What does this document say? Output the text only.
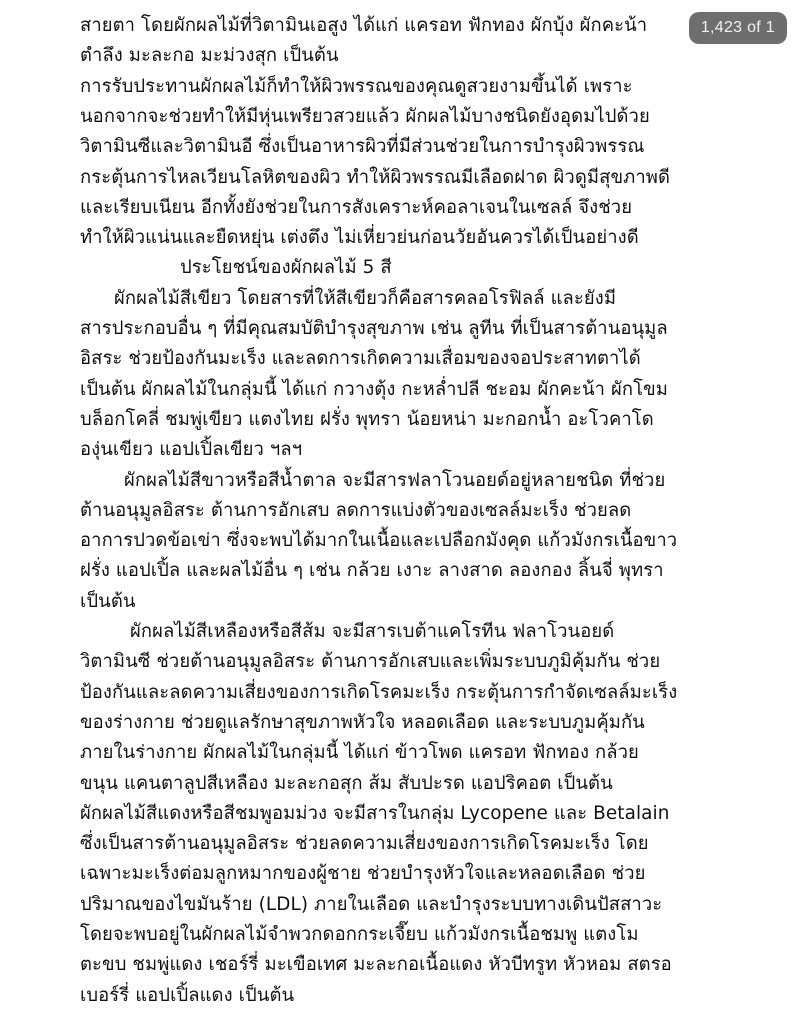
สายตา โดยผักผลไม้ที่วิตามินเอสูง ได้แก่ แครอท ฟักทอง ผักบุ้ง ผักคะน้า
ตำลึง มะละกอ มะม่วงสุก เป็นต้น
การรับประทานผักผลไม้ก็ทำให้ผิวพรรณของคุณดูสวยงามขึ้นได้ เพราะ
นอกจากจะช่วยทำให้มีหุ่นเพรียวสวยแล้ว ผักผลไม้บางชนิดยังอุดมไปด้วย
วิตามินซีและวิตามินอี ซึ่งเป็นอาหารผิวที่มีส่วนช่วยในการบำรุงผิวพรรณ
กระตุ้นการไหลเวียนโลหิตของผิว ทำให้ผิวพรรณมีเลือดฝาด ผิวดูมีสุขภาพดี
และเรียบเนียน อีกทั้งยังช่วยในการสังเคราะห์คอลาเจนในเซลล์ จึงช่วย
ทำให้ผิวแน่นและยืดหยุ่น เต่งตึง ไม่เหี่ยวย่นก่อนวัยอันควรได้เป็นอย่างดี
ประโยชน์ของผักผลไม้ 5 สี
ผักผลไม้สีเขียว โดยสารที่ให้สีเขียวก็คือสารคลอโรฟิลล์ และยังมี
สารประกอบอื่น ๆ ที่มีคุณสมบัติบำรุงสุขภาพ เช่น ลูทีน ที่เป็นสารต้านอนุมูล
อิสระ ช่วยป้องกันมะเร็ง และลดการเกิดความเสื่อมของจอประสาทตาได้
เป็นต้น ผักผลไม้ในกลุ่มนี้ ได้แก่ กวางตุ้ง กะหล่ำปลี ชะอม ผักคะน้า ผักโขม
บล็อกโคลี่ ชมพู่เขียว แตงไทย ฝรั่ง พุทรา น้อยหน่า มะกอกน้ำ อะโวคาโด
องุ่นเขียว แอปเปิ้ลเขียว ฯลฯ
ผักผลไม้สีขาวหรือสีน้ำตาล จะมีสารฟลาโวนอยด์อยู่หลายชนิด ที่ช่วย
ต้านอนุมูลอิสระ ต้านการอักเสบ ลดการแบ่งตัวของเซลล์มะเร็ง ช่วยลด
อาการปวดข้อเข่า ซึ่งจะพบได้มากในเนื้อและเปลือกมังคุด แก้วมังกรเนื้อขาว
ฝรั่ง แอปเปิ้ล และผลไม้อื่น ๆ เช่น กล้วย เงาะ ลางสาด ลองกอง ลิ้นจี่ พุทรา
เป็นต้น
ผักผลไม้สีเหลืองหรือสีส้ม จะมีสารเบต้าแคโรทีน ฟลาโวนอยด์
วิตามินซี ช่วยต้านอนุมูลอิสระ ต้านการอักเสบและเพิ่มระบบภูมิคุ้มกัน ช่วย
ป้องกันและลดความเสี่ยงของการเกิดโรคมะเร็ง กระตุ้นการกำจัดเซลล์มะเร็ง
ของร่างกาย ช่วยดูแลรักษาสุขภาพหัวใจ หลอดเลือด และระบบภูมคุ้มกัน
ภายในร่างกาย ผักผลไม้ในกลุ่มนี้ ได้แก่ ข้าวโพด แครอท ฟักทอง กล้วย
ขนุน แคนตาลูปสีเหลือง มะละกอสุก ส้ม สับปะรด แอปริคอต เป็นต้น
ผักผลไม้สีแดงหรือสีชมพูอมม่วง จะมีสารในกลุ่ม Lycopene และ Betalain
ซึ่งเป็นสารต้านอนุมูลอิสระ ช่วยลดความเสี่ยงของการเกิดโรคมะเร็ง โดย
เฉพาะมะเร็งต่อมลูกหมากของผู้ชาย ช่วยบำรุงหัวใจและหลอดเลือด ช่วย
ปริมาณของไขมันร้าย (LDL) ภายในเลือด และบำรุงระบบทางเดินปัสสาวะ
โดยจะพบอยู่ในผักผลไม้จำพวกดอกกระเจี๊ยบ แก้วมังกรเนื้อชมพู แตงโม
ตะขบ ชมพู่แดง เชอร์รี่ มะเขือเทศ มะละกอเนื้อแดง หัวบีทรูท หัวหอม สตรอ
เบอร์รี่ แอปเปิ้ลแดง เป็นต้น
1,423 of 1
